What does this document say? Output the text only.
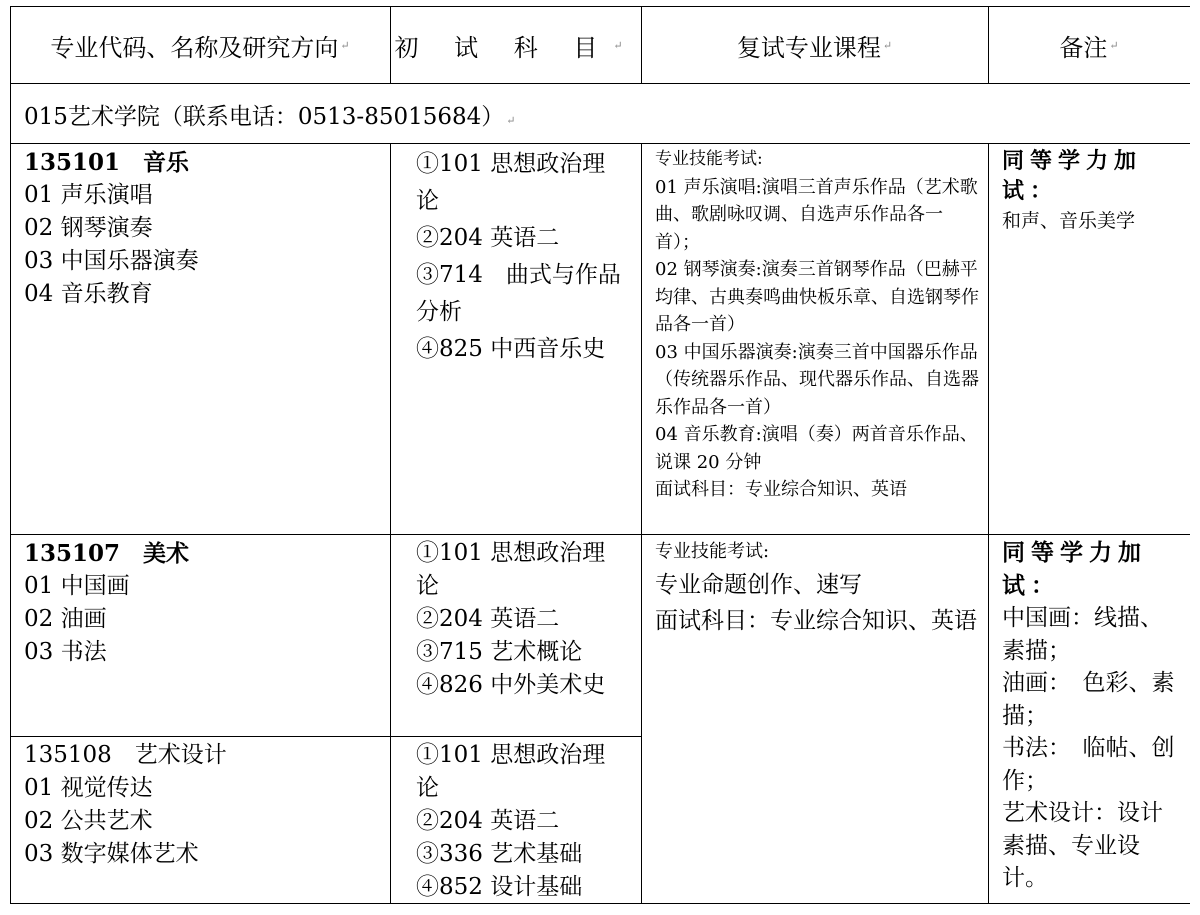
专业代码、名称及研究方向 ↵ 初 试 科 目 ↵	复试专业课程 ↵	备注 ↵
015艺术学院（联系电话：0513-85015684） ↵
135101　音乐
01 声乐演唱
02 钢琴演奏
03 中国乐器演奏
04 音乐教育
①101 思想政治理论
②204 英语二
③714　曲式与作品分析
④825 中西音乐史
专业技能考试:
01 声乐演唱:演唱三首声乐作品（艺术歌曲、歌剧咏叹调、自选声乐作品各一首）；
02 钢琴演奏:演奏三首钢琴作品（巴赫平均律、古典奏鸣曲快板乐章、自选钢琴作品各一首）
03 中国乐器演奏:演奏三首中国器乐作品（传统器乐作品、现代器乐作品、自选器乐作品各一首）
04 音乐教育:演唱（奏）两首音乐作品、说课 20 分钟
面试科目：专业综合知识、英语
同等学力加试：
和声、音乐美学
135107　美术
01 中国画
02 油画
03 书法
①101 思想政治理论
②204 英语二
③715 艺术概论
④826 中外美术史
135108　艺术设计
01 视觉传达
02 公共艺术
03 数字媒体艺术
①101 思想政治理论
②204 英语二
③336 艺术基础
④852 设计基础
专业技能考试:
专业命题创作、速写
面试科目：专业综合知识、英语
同等学力加试：
中国画：线描、素描；
油画：　色彩、素描；
书法：　临帖、创作；
艺术设计：设计素描、专业设计。
